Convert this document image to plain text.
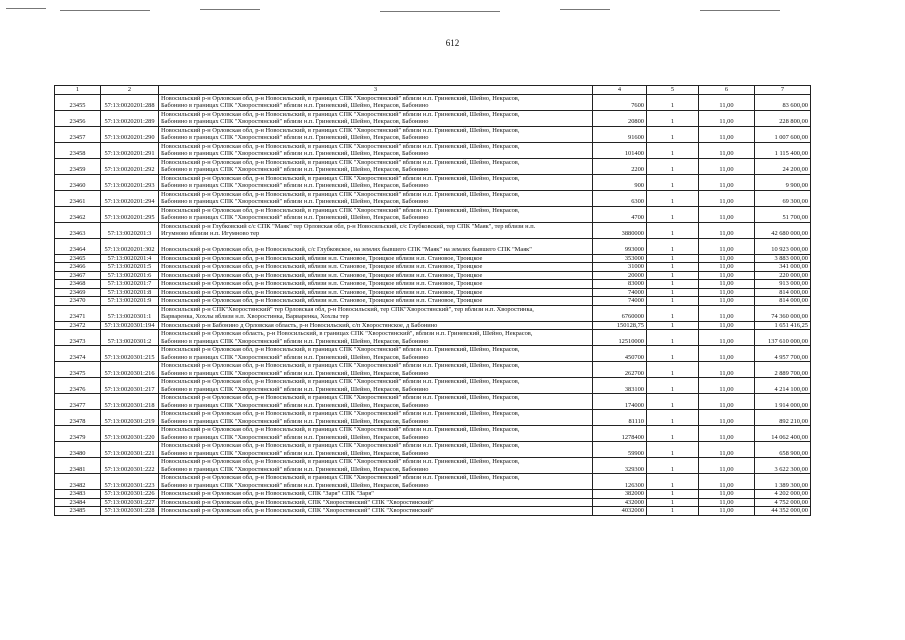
612
1	2	3	4	5	6	7
23455	57:13:0020201:288	Новосильский р-н Орловская обл, р-н Новосильский, в границах СПК "Хворостянский" вблизи н.п. Гриневский, Шейно, Некрасов,
Бабонино в границах СПК "Хворостянский" вблизи н.п. Гриневский, Шейно, Некрасов, Бабонино	7600	1	11,00	83 600,00
23456	57:13:0020201:289	Новосильский р-н Орловская обл, р-н Новосильский, в границах СПК "Хворостянский" вблизи н.п. Гриневский, Шейно, Некрасов,
Бабонино в границах СПК "Хворостянский" вблизи н.п. Гриневский, Шейно, Некрасов, Бабонино	20800	1	11,00	228 800,00
23457	57:13:0020201:290	Новосильский р-н Орловская обл, р-н Новосильский, в границах СПК "Хворостянский" вблизи н.п. Гриневский, Шейно, Некрасов,
Бабонино в границах СПК "Хворостянский" вблизи н.п. Гриневский, Шейно, Некрасов, Бабонино	91600	1	11,00	1 007 600,00
23458	57:13:0020201:291	Новосильский р-н Орловская обл, р-н Новосильский, в границах СПК "Хворостянский" вблизи н.п. Гриневский, Шейно, Некрасов,
Бабонино в границах СПК "Хворостянский" вблизи н.п. Гриневский, Шейно, Некрасов, Бабонино	101400	1	11,00	1 115 400,00
23459	57:13:0020201:292	Новосильский р-н Орловская обл, р-н Новосильский, в границах СПК "Хворостянский" вблизи н.п. Гриневский, Шейно, Некрасов,
Бабонино в границах СПК "Хворостянский" вблизи н.п. Гриневский, Шейно, Некрасов, Бабонино	2200	1	11,00	24 200,00
23460	57:13:0020201:293	Новосильский р-н Орловская обл, р-н Новосильский, в границах СПК "Хворостянский" вблизи н.п. Гриневский, Шейно, Некрасов,
Бабонино в границах СПК "Хворостянский" вблизи н.п. Гриневский, Шейно, Некрасов, Бабонино	900	1	11,00	9 900,00
23461	57:13:0020201:294	Новосильский р-н Орловская обл, р-н Новосильский, в границах СПК "Хворостянский" вблизи н.п. Гриневский, Шейно, Некрасов,
Бабонино в границах СПК "Хворостянский" вблизи н.п. Гриневский, Шейно, Некрасов, Бабонино	6300	1	11,00	69 300,00
23462	57:13:0020201:295	Новосильский р-н Орловская обл, р-н Новосильский, в границах СПК "Хворостянский" вблизи н.п. Гриневский, Шейно, Некрасов,
Бабонино в границах СПК "Хворостянский" вблизи н.п. Гриневский, Шейно, Некрасов, Бабонино	4700	1	11,00	51 700,00
23463	57:13:0020201:3	Новосильский р-н Глубковский с/с СПК "Маяк" тер Орловская обл, р-н Новосильский, с/с Глубковский, тер СПК "Маяк", тер вблизи н.п.
Игумново вблизи н.п. Игумново тер	3880000	1	11,00	42 680 000,00
23464	57:13:0020201:302	Новосильский р-н Орловская обл, р-н Новосильский, с/с Глубковское, на землях бывшего СПК "Маяк" на землях бывшего СПК "Маяк"	993000	1	11,00	10 923 000,00
23465	57:13:0020201:4	Новосильский р-н Орловская обл, р-н Новосильский, вблизи н.п. Становое, Троицкое вблизи н.п. Становое, Троицкое	353000	1	11,00	3 883 000,00
23466	57:13:0020201:5	Новосильский р-н Орловская обл, р-н Новосильский, вблизи н.п. Становое, Троицкое вблизи н.п. Становое, Троицкое	31000	1	11,00	341 000,00
23467	57:13:0020201:6	Новосильский р-н Орловская обл, р-н Новосильский, вблизи н.п. Становое, Троицкое вблизи н.п. Становое, Троицкое	20000	1	11,00	220 000,00
23468	57:13:0020201:7	Новосильский р-н Орловская обл, р-н Новосильский, вблизи н.п. Становое, Троицкое вблизи н.п. Становое, Троицкое	83000	1	11,00	913 000,00
23469	57:13:0020201:8	Новосильский р-н Орловская обл, р-н Новосильский, вблизи н.п. Становое, Троицкое вблизи н.п. Становое, Троицкое	74000	1	11,00	814 000,00
23470	57:13:0020201:9	Новосильский р-н Орловская обл, р-н Новосильский, вблизи н.п. Становое, Троицкое вблизи н.п. Становое, Троицкое	74000	1	11,00	814 000,00
23471	57:13:0020301:1	Новосильский р-н СПК"Хворостянский" тер Орловская обл, р-н Новосильский, тер СПК"Хворостянский", тер вблизи н.п. Хворостинка,
Варваренка, Хохлы вблизи н.п. Хворостинка, Варваренка, Хохлы тер	6760000	1	11,00	74 360 000,00
23472	57:13:0020301:194	Новосильский р-н Бабонино д Орловская область, р-н Новосильский, с/п Хворостянское, д Бабонино	150128,75	1	11,00	1 651 416,25
23473	57:13:0020301:2	Новосильский р-н Орловская область, р-н Новосильский, в границах СПК "Хворостянский", вблизи н.п. Гриневский, Шейно, Некрасов,
Бабонино в границах СПК "Хворостянский" вблизи н.п. Гриневский, Шейно, Некрасов, Бабонино	12510000	1	11,00	137 610 000,00
23474	57:13:0020301:215	Новосильский р-н Орловская обл, р-н Новосильский, в границах СПК "Хворостянский" вблизи н.п. Гриневский, Шейно, Некрасов,
Бабонино в границах СПК "Хворостянский" вблизи н.п. Гриневский, Шейно, Некрасов, Бабонино	450700	1	11,00	4 957 700,00
23475	57:13:0020301:216	Новосильский р-н Орловская обл, р-н Новосильский, в границах СПК "Хворостянский" вблизи н.п. Гриневский, Шейно, Некрасов,
Бабонино в границах СПК "Хворостянский" вблизи н.п. Гриневский, Шейно, Некрасов, Бабонино	262700	1	11,00	2 889 700,00
23476	57:13:0020301:217	Новосильский р-н Орловская обл, р-н Новосильский, в границах СПК "Хворостянский" вблизи н.п. Гриневский, Шейно, Некрасов,
Бабонино в границах СПК "Хворостянский" вблизи н.п. Гриневский, Шейно, Некрасов, Бабонино	383100	1	11,00	4 214 100,00
23477	57:13:0020301:218	Новосильский р-н Орловская обл, р-н Новосильский, в границах СПК "Хворостянский" вблизи н.п. Гриневский, Шейно, Некрасов,
Бабонино в границах СПК "Хворостянский" вблизи н.п. Гриневский, Шейно, Некрасов, Бабонино	174000	1	11,00	1 914 000,00
23478	57:13:0020301:219	Новосильский р-н Орловская обл, р-н Новосильский, в границах СПК "Хворостянский" вблизи н.п. Гриневский, Шейно, Некрасов,
Бабонино в границах СПК "Хворостянский" вблизи н.п. Гриневский, Шейно, Некрасов, Бабонино	81110	1	11,00	892 210,00
23479	57:13:0020301:220	Новосильский р-н Орловская обл, р-н Новосильский, в границах СПК "Хворостянский" вблизи н.п. Гриневский, Шейно, Некрасов,
Бабонино в границах СПК "Хворостянский" вблизи н.п. Гриневский, Шейно, Некрасов, Бабонино	1278400	1	11,00	14 062 400,00
23480	57:13:0020301:221	Новосильский р-н Орловская обл, р-н Новосильский, в границах СПК "Хворостянский" вблизи н.п. Гриневский, Шейно, Некрасов,
Бабонино в границах СПК "Хворостянский" вблизи н.п. Гриневский, Шейно, Некрасов, Бабонино	59900	1	11,00	658 900,00
23481	57:13:0020301:222	Новосильский р-н Орловская обл, р-н Новосильский, в границах СПК "Хворостянский" вблизи н.п. Гриневский, Шейно, Некрасов,
Бабонино в границах СПК "Хворостянский" вблизи н.п. Гриневский, Шейно, Некрасов, Бабонино	329300	1	11,00	3 622 300,00
23482	57:13:0020301:223	Новосильский р-н Орловская обл, р-н Новосильский, в границах СПК "Хворостянский" вблизи н.п. Гриневский, Шейно, Некрасов,
Бабонино в границах СПК "Хворостянский" вблизи н.п. Гриневский, Шейно, Некрасов, Бабонино	126300	1	11,00	1 389 300,00
23483	57:13:0020301:226	Новосильский р-н Орловская обл, р-н Новосильский, СПК "Заря" СПК "Заря"	382000	1	11,00	4 202 000,00
23484	57:13:0020301:227	Новосильский р-н Орловская обл, р-н Новосильский, СПК "Хворостянский" СПК "Хворостянский"	432000	1	11,00	4 752 000,00
23485	57:13:0020301:228	Новосильский р-н Орловская обл, р-н Новосильский, СПК "Хворостянский" СПК "Хворостянский"	4032000	1	11,00	44 352 000,00
